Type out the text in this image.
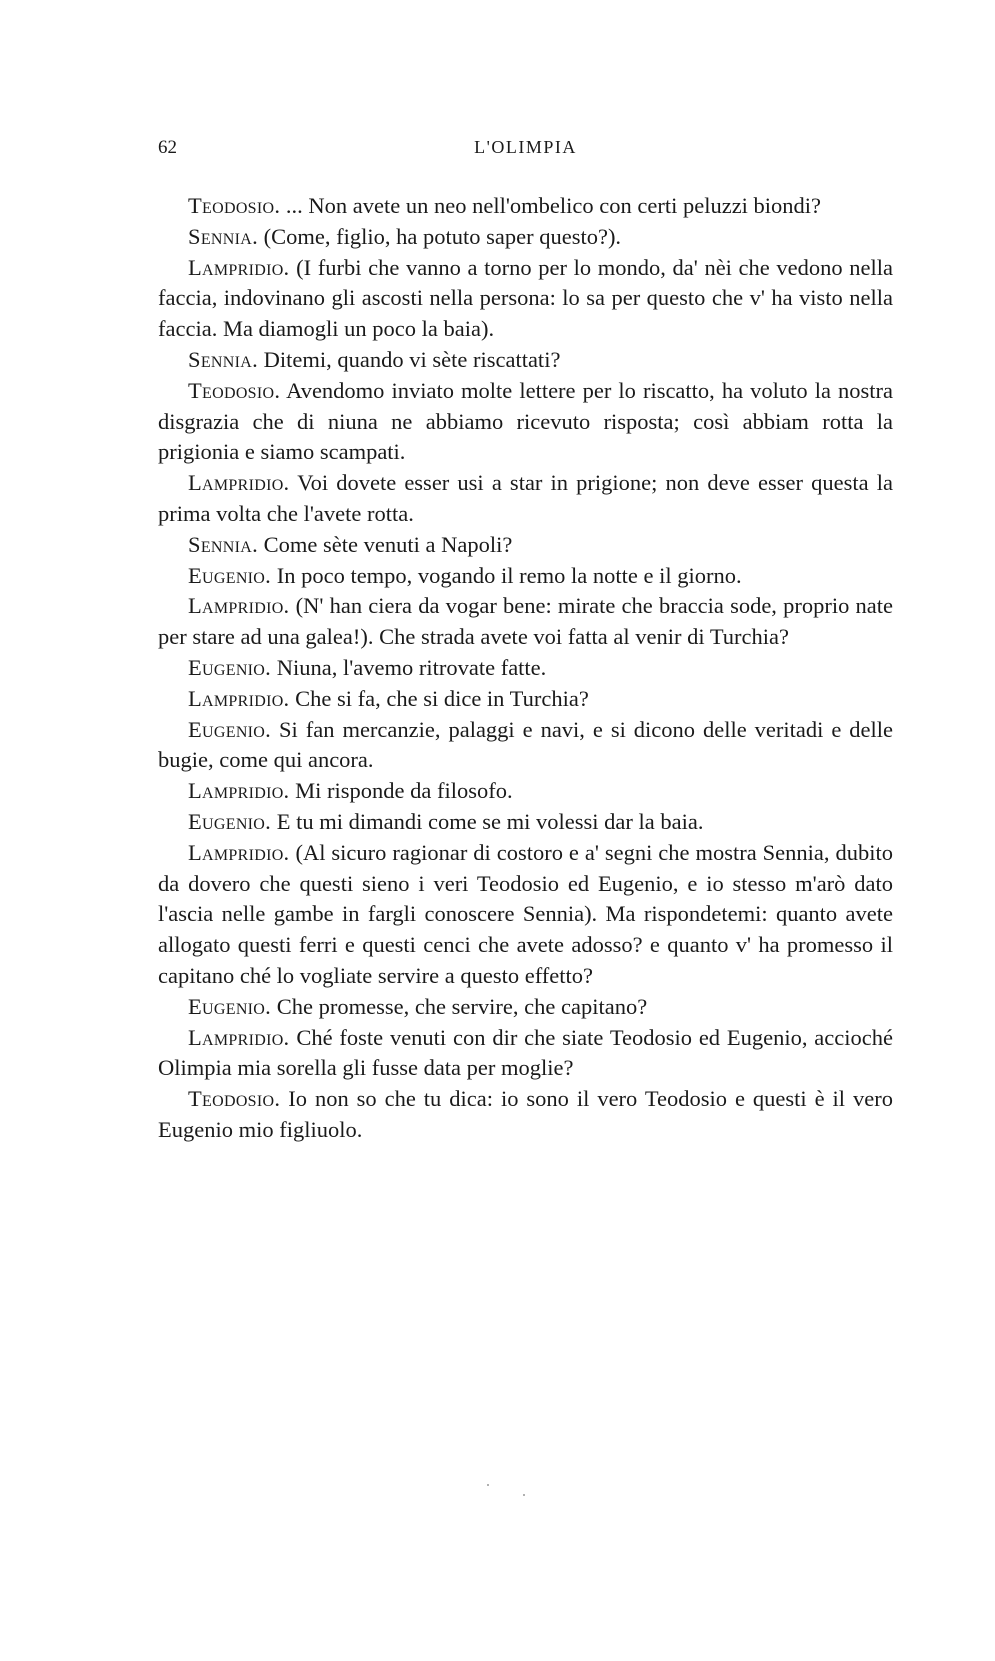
62	L'OLIMPIA

Teodosio. ... Non avete un neo nell'ombelico con certi peluzzi biondi?

Sennia. (Come, figlio, ha potuto saper questo?).

Lampridio. (I furbi che vanno a torno per lo mondo, da' nèi che vedono nella faccia, indovinano gli ascosti nella persona: lo sa per questo che v' ha visto nella faccia. Ma diamogli un poco la baia).

Sennia. Ditemi, quando vi sète riscattati?

Teodosio. Avendomo inviato molte lettere per lo riscatto, ha voluto la nostra disgrazia che di niuna ne abbiamo ricevuto risposta; così abbiam rotta la prigionia e siamo scampati.

Lampridio. Voi dovete esser usi a star in prigione; non deve esser questa la prima volta che l'avete rotta.

Sennia. Come sète venuti a Napoli?

Eugenio. In poco tempo, vogando il remo la notte e il giorno.

Lampridio. (N' han ciera da vogar bene: mirate che braccia sode, proprio nate per stare ad una galea!). Che strada avete voi fatta al venir di Turchia?

Eugenio. Niuna, l'avemo ritrovate fatte.

Lampridio. Che si fa, che si dice in Turchia?

Eugenio. Si fan mercanzie, palaggi e navi, e si dicono delle veritadi e delle bugie, come qui ancora.

Lampridio. Mi risponde da filosofo.

Eugenio. E tu mi dimandi come se mi volessi dar la baia.

Lampridio. (Al sicuro ragionar di costoro e a' segni che mostra Sennia, dubito da dovero che questi sieno i veri Teodosio ed Eugenio, e io stesso m'arò dato l'ascia nelle gambe in fargli conoscere Sennia). Ma rispondetemi: quanto avete allogato questi ferri e questi cenci che avete adosso? e quanto v' ha promesso il capitano ché lo vogliate servire a questo effetto?

Eugenio. Che promesse, che servire, che capitano?

Lampridio. Ché foste venuti con dir che siate Teodosio ed Eugenio, accioché Olimpia mia sorella gli fusse data per moglie?

Teodosio. Io non so che tu dica: io sono il vero Teodosio e questi è il vero Eugenio mio figliuolo.
